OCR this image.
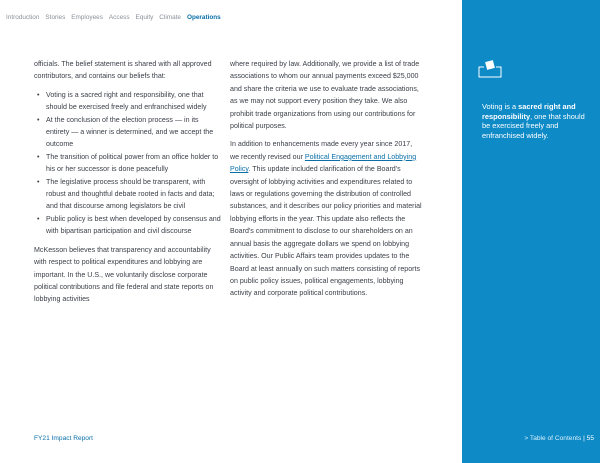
Introduction Stories Employees Access Equity Climate Operations

officials. The belief statement is shared with all approved contributors, and contains our beliefs that:

• Voting is a sacred right and responsibility, one that should be exercised freely and enfranchised widely
• At the conclusion of the election process — in its entirety — a winner is determined, and we accept the outcome
• The transition of political power from an office holder to his or her successor is done peacefully
• The legislative process should be transparent, with robust and thoughtful debate rooted in facts and data; and that discourse among legislators be civil
• Public policy is best when developed by consensus and with bipartisan participation and civil discourse

McKesson believes that transparency and accountability with respect to political expenditures and lobbying are important. In the U.S., we voluntarily disclose corporate political contributions and file federal and state reports on lobbying activities

where required by law. Additionally, we provide a list of trade associations to whom our annual payments exceed $25,000 and share the criteria we use to evaluate trade associations, as we may not support every position they take. We also prohibit trade organizations from using our contributions for political purposes.

In addition to enhancements made every year since 2017, we recently revised our Political Engagement and Lobbying Policy. This update included clarification of the Board's oversight of lobbying activities and expenditures related to laws or regulations governing the distribution of controlled substances, and it describes our policy priorities and material lobbying efforts in the year. This update also reflects the Board's commitment to disclose to our shareholders on an annual basis the aggregate dollars we spend on lobbying activities. Our Public Affairs team provides updates to the Board at least annually on such matters consisting of reports on public policy issues, political engagements, lobbying activity and corporate political contributions.

Voting is a sacred right and responsibility, one that should be exercised freely and enfranchised widely.
FY21 Impact Report	> Table of Contents | 55
